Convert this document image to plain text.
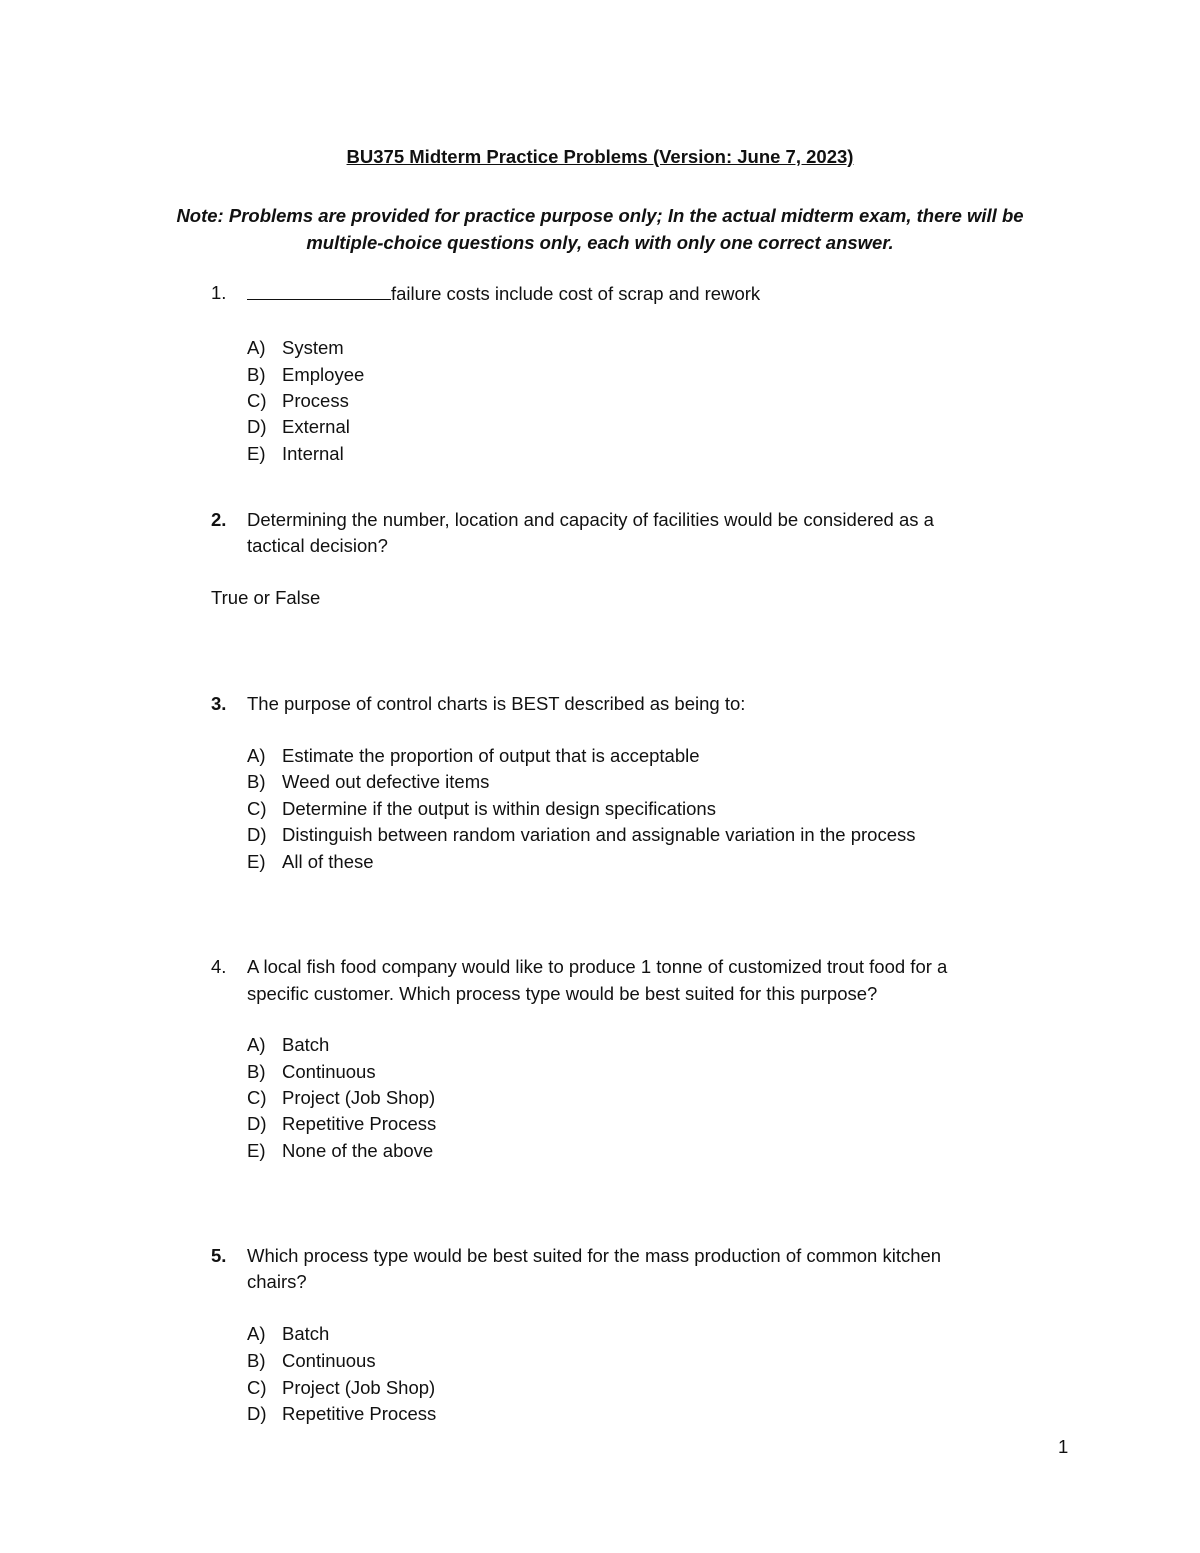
BU375 Midterm Practice Problems (Version: June 7, 2023)
Note: Problems are provided for practice purpose only; In the actual midterm exam, there will be
multiple-choice questions only, each with only one correct answer.
1.	failure costs include cost of scrap and rework
A) System
B) Employee
C) Process
D) External
E) Internal
2. Determining the number, location and capacity of facilities would be considered as a
tactical decision?
True or False
3. The purpose of control charts is BEST described as being to:
A) Estimate the proportion of output that is acceptable
B) Weed out defective items
C) Determine if the output is within design specifications
D) Distinguish between random variation and assignable variation in the process
E) All of these
4. A local fish food company would like to produce 1 tonne of customized trout food for a
specific customer. Which process type would be best suited for this purpose?
A) Batch
B) Continuous
C) Project (Job Shop)
D) Repetitive Process
E) None of the above
5. Which process type would be best suited for the mass production of common kitchen
chairs?
A) Batch
B) Continuous
C) Project (Job Shop)
D) Repetitive Process
1
